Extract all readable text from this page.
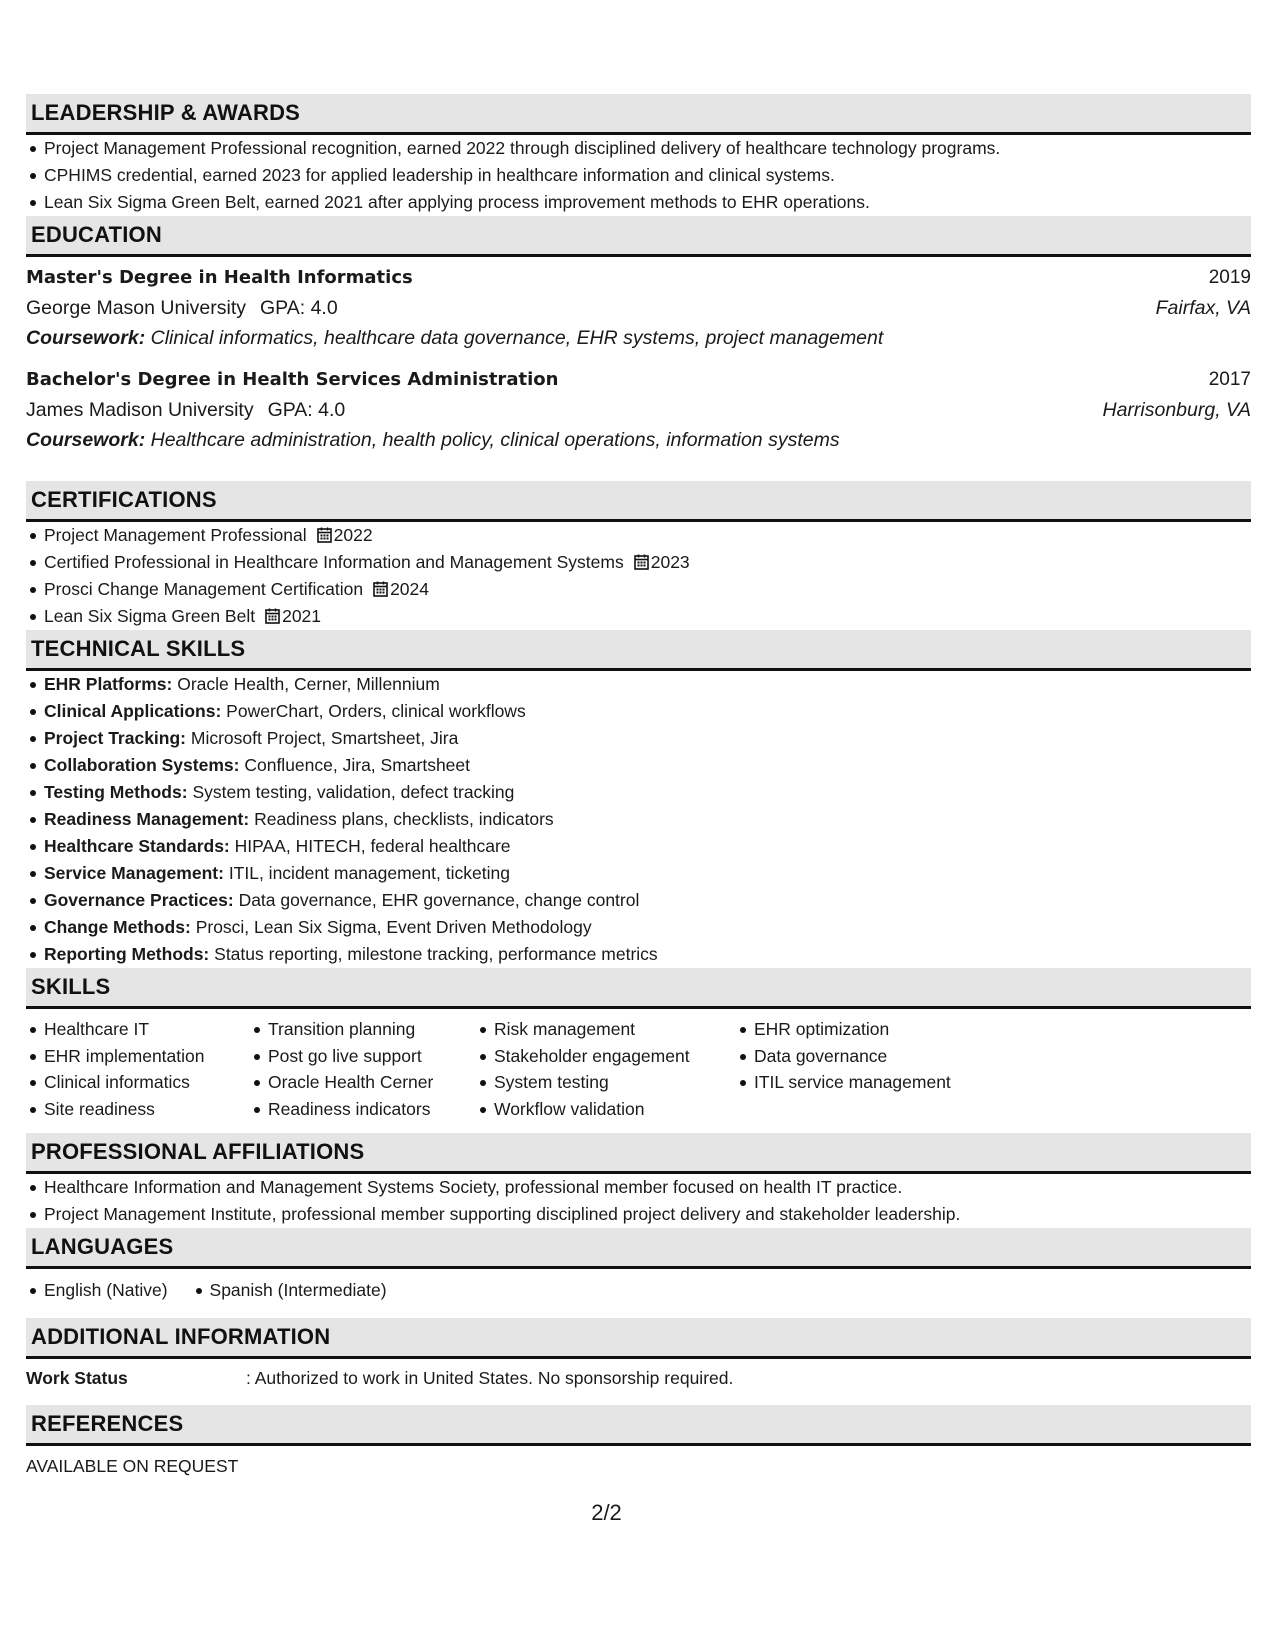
LEADERSHIP & AWARDS
Project Management Professional recognition, earned 2022 through disciplined delivery of healthcare technology programs.
CPHIMS credential, earned 2023 for applied leadership in healthcare information and clinical systems.
Lean Six Sigma Green Belt, earned 2021 after applying process improvement methods to EHR operations.
EDUCATION
Master's Degree in Health Informatics	2019
George Mason University GPA: 4.0	Fairfax, VA
Coursework: Clinical informatics, healthcare data governance, EHR systems, project management
Bachelor's Degree in Health Services Administration	2017
James Madison University GPA: 4.0	Harrisonburg, VA
Coursework: Healthcare administration, health policy, clinical operations, information systems
CERTIFICATIONS
Project Management Professional 2022
Certified Professional in Healthcare Information and Management Systems 2023
Prosci Change Management Certification 2024
Lean Six Sigma Green Belt 2021
TECHNICAL SKILLS
EHR Platforms: Oracle Health, Cerner, Millennium
Clinical Applications: PowerChart, Orders, clinical workflows
Project Tracking: Microsoft Project, Smartsheet, Jira
Collaboration Systems: Confluence, Jira, Smartsheet
Testing Methods: System testing, validation, defect tracking
Readiness Management: Readiness plans, checklists, indicators
Healthcare Standards: HIPAA, HITECH, federal healthcare
Service Management: ITIL, incident management, ticketing
Governance Practices: Data governance, EHR governance, change control
Change Methods: Prosci, Lean Six Sigma, Event Driven Methodology
Reporting Methods: Status reporting, milestone tracking, performance metrics
SKILLS
Healthcare IT
EHR implementation
Clinical informatics
Site readiness
Transition planning
Post go live support
Oracle Health Cerner
Readiness indicators
Risk management
Stakeholder engagement
System testing
Workflow validation
EHR optimization
Data governance
ITIL service management
PROFESSIONAL AFFILIATIONS
Healthcare Information and Management Systems Society, professional member focused on health IT practice.
Project Management Institute, professional member supporting disciplined project delivery and stakeholder leadership.
LANGUAGES
English (Native) Spanish (Intermediate)
ADDITIONAL INFORMATION
Work Status	: Authorized to work in United States. No sponsorship required.
REFERENCES
AVAILABLE ON REQUEST
2/2
